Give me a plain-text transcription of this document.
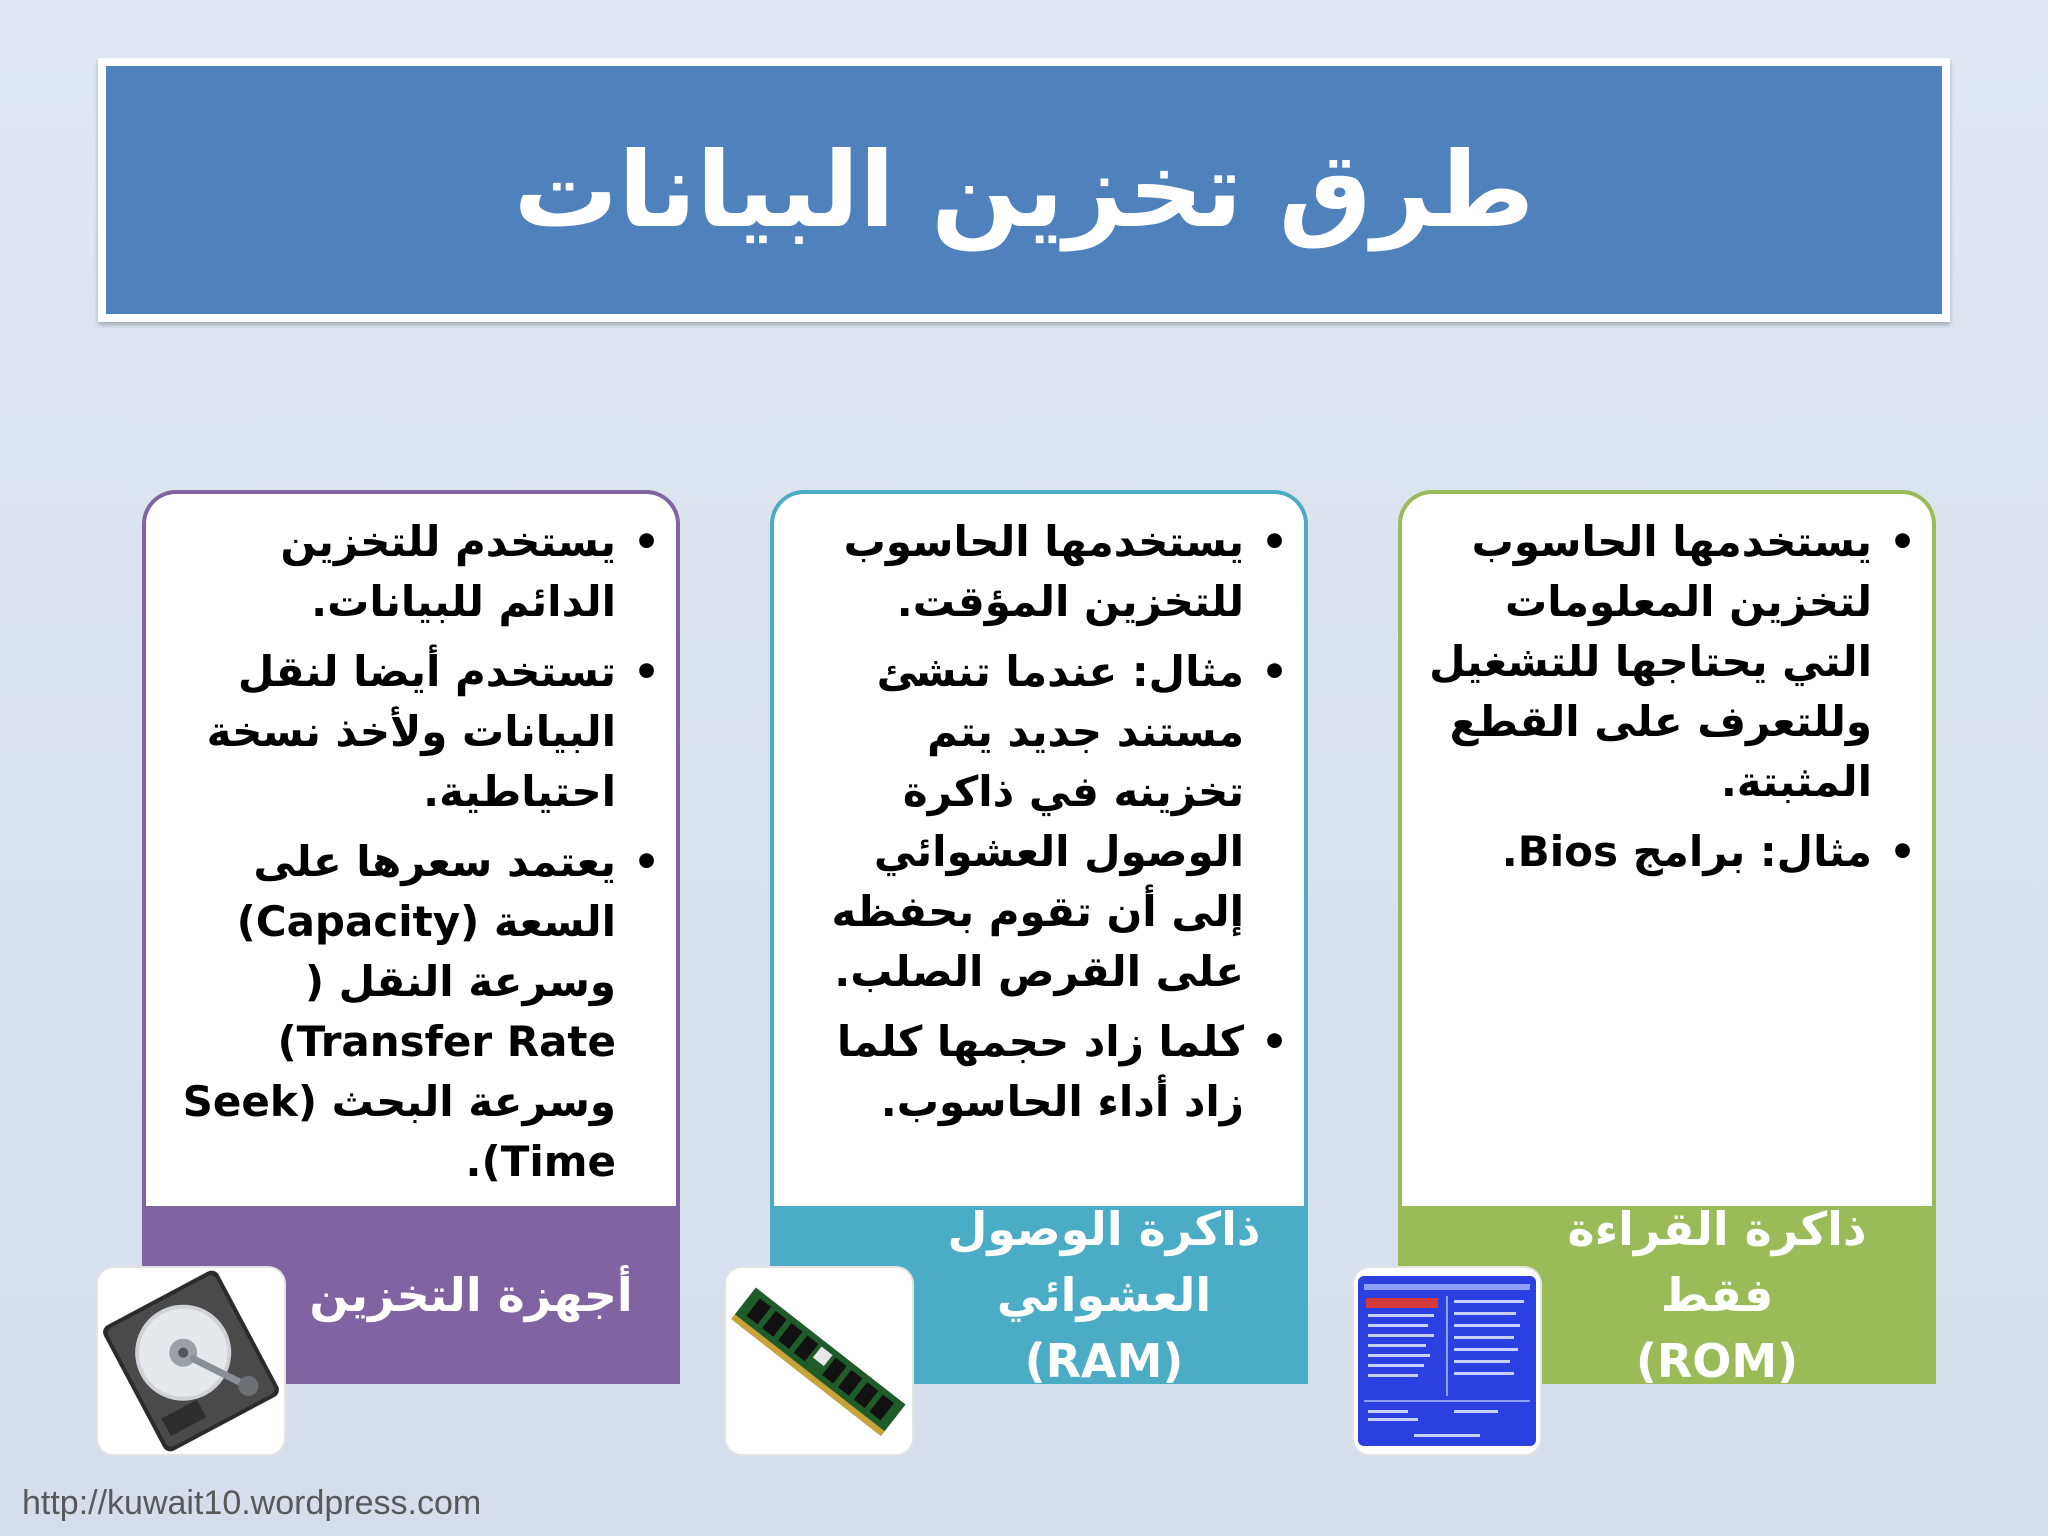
طرق تخزين البيانات
• يستخدم للتخزين الدائم للبيانات.
• تستخدم أيضا لنقل البيانات ولأخذ نسخة احتياطية.
• يعتمد سعرها على السعة (Capacity) وسرعة النقل ( Transfer Rate) وسرعة البحث (Seek Time).
أجهزة التخزين
• يستخدمها الحاسوب للتخزين المؤقت.
• مثال: عندما تنشئ مستند جديد يتم تخزينه في ذاكرة الوصول العشوائي إلى أن تقوم بحفظه على القرص الصلب.
• كلما زاد حجمها كلما زاد أداء الحاسوب.
ذاكرة الوصول
العشوائي (RAM)
• يستخدمها الحاسوب لتخزين المعلومات التي يحتاجها للتشغيل وللتعرف على القطع المثبتة.
• مثال: برامج Bios.
ذاكرة القراءة فقط
(ROM)
http://kuwait10.wordpress.com
